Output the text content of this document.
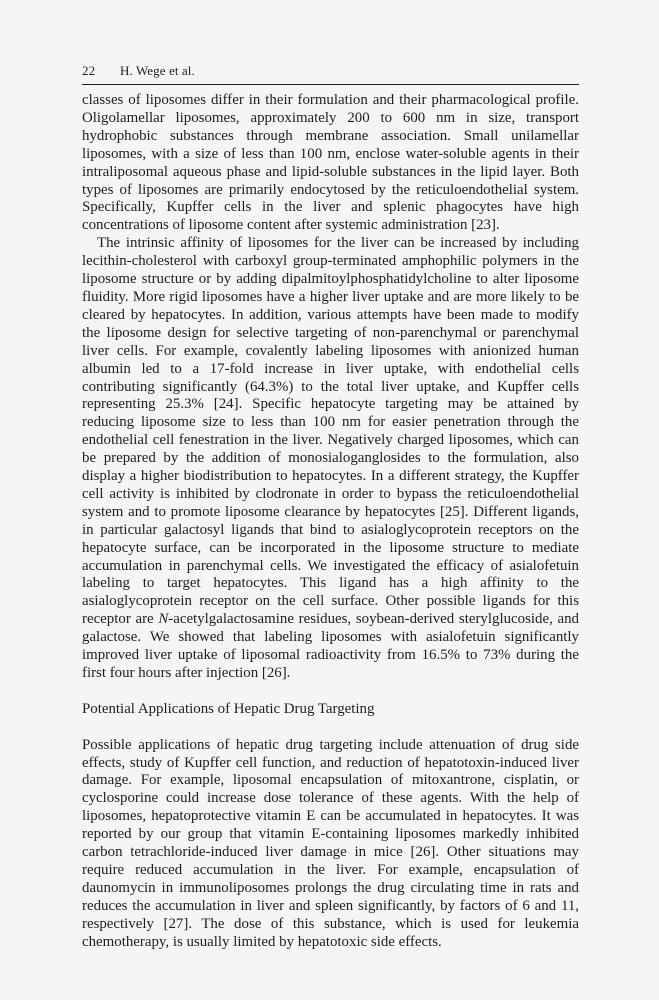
22 H. Wege et al.

classes of liposomes differ in their formulation and their pharmacological profile. Oligolamellar liposomes, approximately 200 to 600 nm in size, transport hydrophobic substances through membrane association. Small unilamellar liposomes, with a size of less than 100 nm, enclose water-soluble agents in their intraliposomal aqueous phase and lipid-soluble substances in the lipid layer. Both types of liposomes are primarily endocytosed by the reticuloendothelial system. Specifically, Kupffer cells in the liver and splenic phagocytes have high concentrations of liposome content after systemic administration [23].

The intrinsic affinity of liposomes for the liver can be increased by including lecithin-cholesterol with carboxyl group-terminated amphophilic polymers in the liposome structure or by adding dipalmitoylphosphatidylcholine to alter liposome fluidity. More rigid liposomes have a higher liver uptake and are more likely to be cleared by hepatocytes. In addition, various attempts have been made to modify the liposome design for selective targeting of non-parenchymal or parenchymal liver cells. For example, covalently labeling liposomes with anionized human albumin led to a 17-fold increase in liver uptake, with endothelial cells contributing significantly (64.3%) to the total liver uptake, and Kupffer cells representing 25.3% [24]. Specific hepatocyte targeting may be attained by reducing liposome size to less than 100 nm for easier penetration through the endothelial cell fenestration in the liver. Negatively charged liposomes, which can be prepared by the addition of monosialoganglosides to the formulation, also display a higher biodistribution to hepatocytes. In a different strategy, the Kupffer cell activity is inhibited by clodronate in order to bypass the reticuloendothelial system and to promote liposome clearance by hepatocytes [25]. Different ligands, in particular galactosyl ligands that bind to asialoglycoprotein receptors on the hepatocyte surface, can be incorporated in the liposome structure to mediate accumulation in parenchymal cells. We investigated the efficacy of asialofetuin labeling to target hepatocytes. This ligand has a high affinity to the asialoglycoprotein receptor on the cell surface. Other possible ligands for this receptor are N-acetylgalactosamine residues, soybean-derived sterylglucoside, and galactose. We showed that labeling liposomes with asialofetuin significantly improved liver uptake of liposomal radioactivity from 16.5% to 73% during the first four hours after injection [26].

Potential Applications of Hepatic Drug Targeting

Possible applications of hepatic drug targeting include attenuation of drug side effects, study of Kupffer cell function, and reduction of hepatotoxin-induced liver damage. For example, liposomal encapsulation of mitoxantrone, cisplatin, or cyclosporine could increase dose tolerance of these agents. With the help of liposomes, hepatoprotective vitamin E can be accumulated in hepatocytes. It was reported by our group that vitamin E-containing liposomes markedly inhibited carbon tetrachloride-induced liver damage in mice [26]. Other situations may require reduced accumulation in the liver. For example, encapsulation of daunomycin in immunoliposomes prolongs the drug circulating time in rats and reduces the accumulation in liver and spleen significantly, by factors of 6 and 11, respectively [27]. The dose of this substance, which is used for leukemia chemotherapy, is usually limited by hepatotoxic side effects.
